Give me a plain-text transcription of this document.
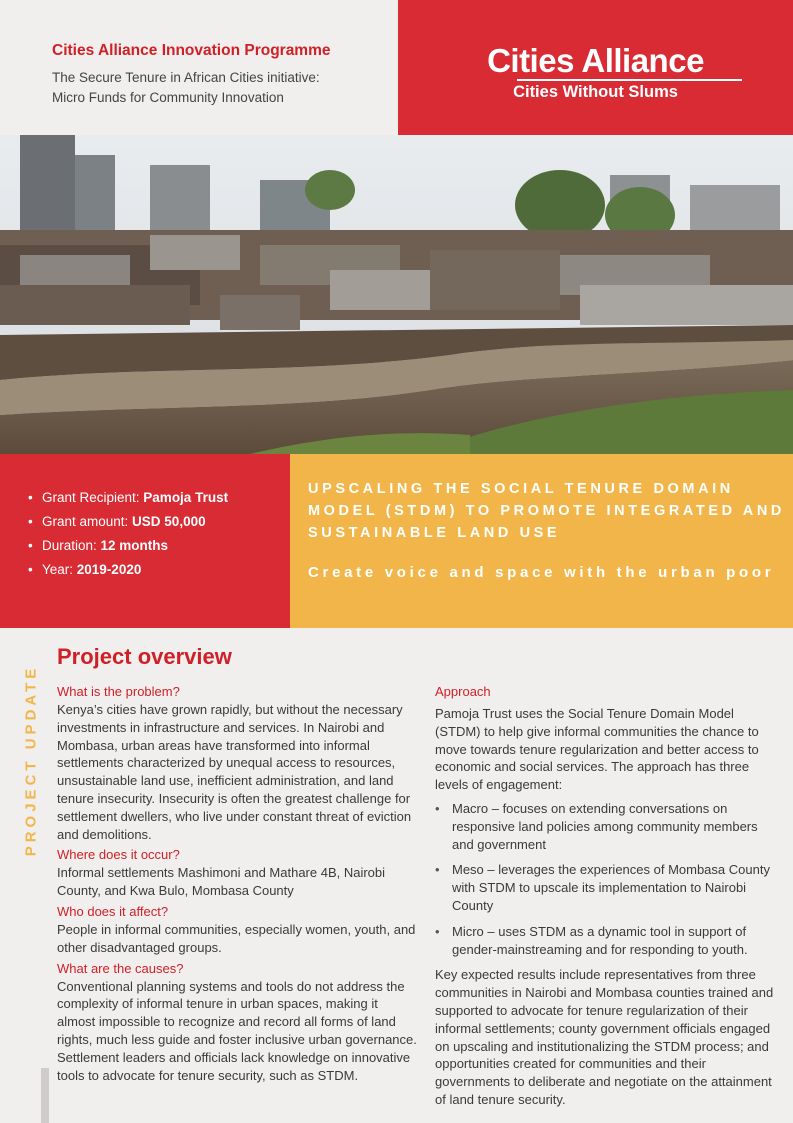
Cities Alliance Innovation Programme
The Secure Tenure in African Cities initiative:
Micro Funds for Community Innovation
Cities Alliance
Cities Without Slums
• Grant Recipient: Pamoja Trust
• Grant amount: USD 50,000
• Duration: 12 months
• Year: 2019-2020
UPSCALING THE SOCIAL TENURE DOMAIN MODEL (STDM) TO PROMOTE INTEGRATED AND SUSTAINABLE LAND USE
Create voice and space with the urban poor
PROJECT UPDATE
Project overview
What is the problem?
Kenya’s cities have grown rapidly, but without the necessary investments in infrastructure and services. In Nairobi and Mombasa, urban areas have transformed into informal settlements characterized by unequal access to resources, unsustainable land use, inefficient administration, and land tenure insecurity. Insecurity is often the greatest challenge for settlement dwellers, who live under constant threat of eviction and demolitions.
Where does it occur?
Informal settlements Mashimoni and Mathare 4B, Nairobi County, and Kwa Bulo, Mombasa County
Who does it affect?
People in informal communities, especially women, youth, and other disadvantaged groups.
What are the causes?
Conventional planning systems and tools do not address the complexity of informal tenure in urban spaces, making it almost impossible to recognize and record all forms of land rights, much less guide and foster inclusive urban governance. Settlement leaders and officials lack knowledge on innovative tools to advocate for tenure security, such as STDM.
Approach
Pamoja Trust uses the Social Tenure Domain Model (STDM) to help give informal communities the chance to move towards tenure regularization and better access to economic and social services. The approach has three levels of engagement:
• Macro – focuses on extending conversations on responsive land policies among community members and government
• Meso – leverages the experiences of Mombasa County with STDM to upscale its implementation to Nairobi County
• Micro – uses STDM as a dynamic tool in support of gender-mainstreaming and for responding to youth.
Key expected results include representatives from three communities in Nairobi and Mombasa counties trained and supported to advocate for tenure regularization of their informal settlements; county government officials engaged on upscaling and institutionalizing the STDM process; and opportunities created for communities and their governments to deliberate and negotiate on the attainment of land tenure security.
